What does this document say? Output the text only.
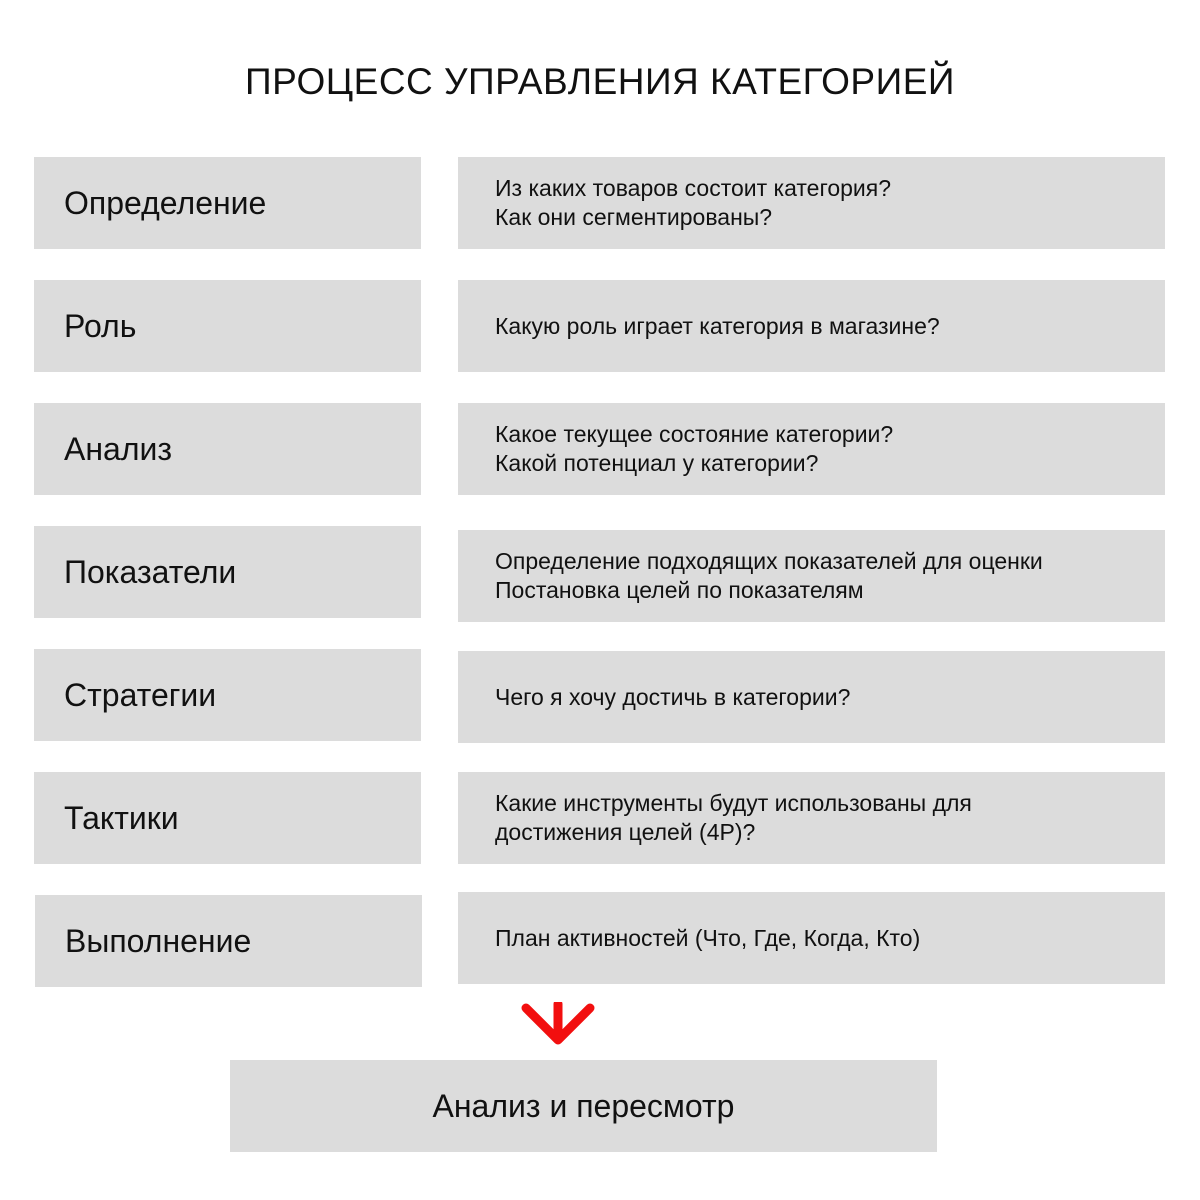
ПРОЦЕСС УПРАВЛЕНИЯ КАТЕГОРИЕЙ
Определение	Из каких товаров состоит категория?
Как они сегментированы?
Роль	Какую роль играет категория в магазине?
Анализ	Какое текущее состояние категории?
Какой потенциал у категории?
Показатели	Определение подходящих показателей для оценки
Постановка целей по показателям
Стратегии	Чего я хочу достичь в категории?
Тактики	Какие инструменты будут использованы для
достижения целей (4P)?
Выполнение	План активностей (Что, Где, Когда, Кто)
Анализ и пересмотр
